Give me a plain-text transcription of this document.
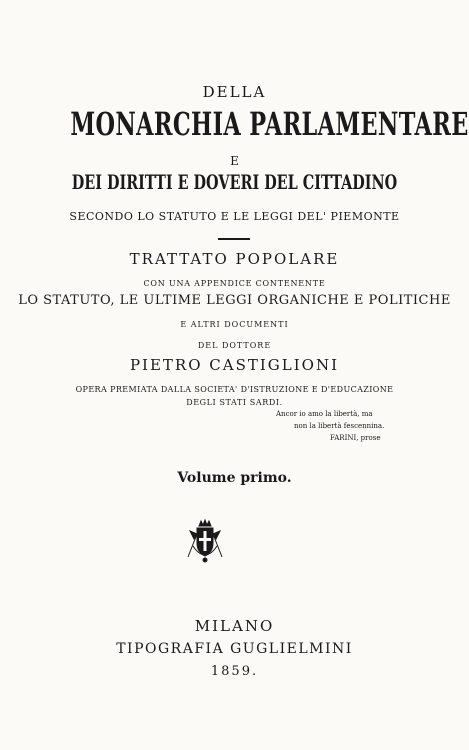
DELLA
MONARCHIA PARLAMENTARE
E
DEI DIRITTI E DOVERI DEL CITTADINO
SECONDO LO STATUTO E LE LEGGI DEL' PIEMONTE
TRATTATO POPOLARE
CON UNA APPENDICE CONTENENTE
LO STATUTO, LE ULTIME LEGGI ORGANICHE E POLITICHE
E ALTRI DOCUMENTI
DEL DOTTORE
PIETRO CASTIGLIONI
OPERA PREMIATA DALLA SOCIETA' D'ISTRUZIONE E D'EDUCAZIONE
DEGLI STATI SARDI.
Ancor io amo la libertà, ma
non la libertà fescennina.
FARINI, prose
Volume primo.
MILANO
TIPOGRAFIA GUGLIELMINI
1859.
